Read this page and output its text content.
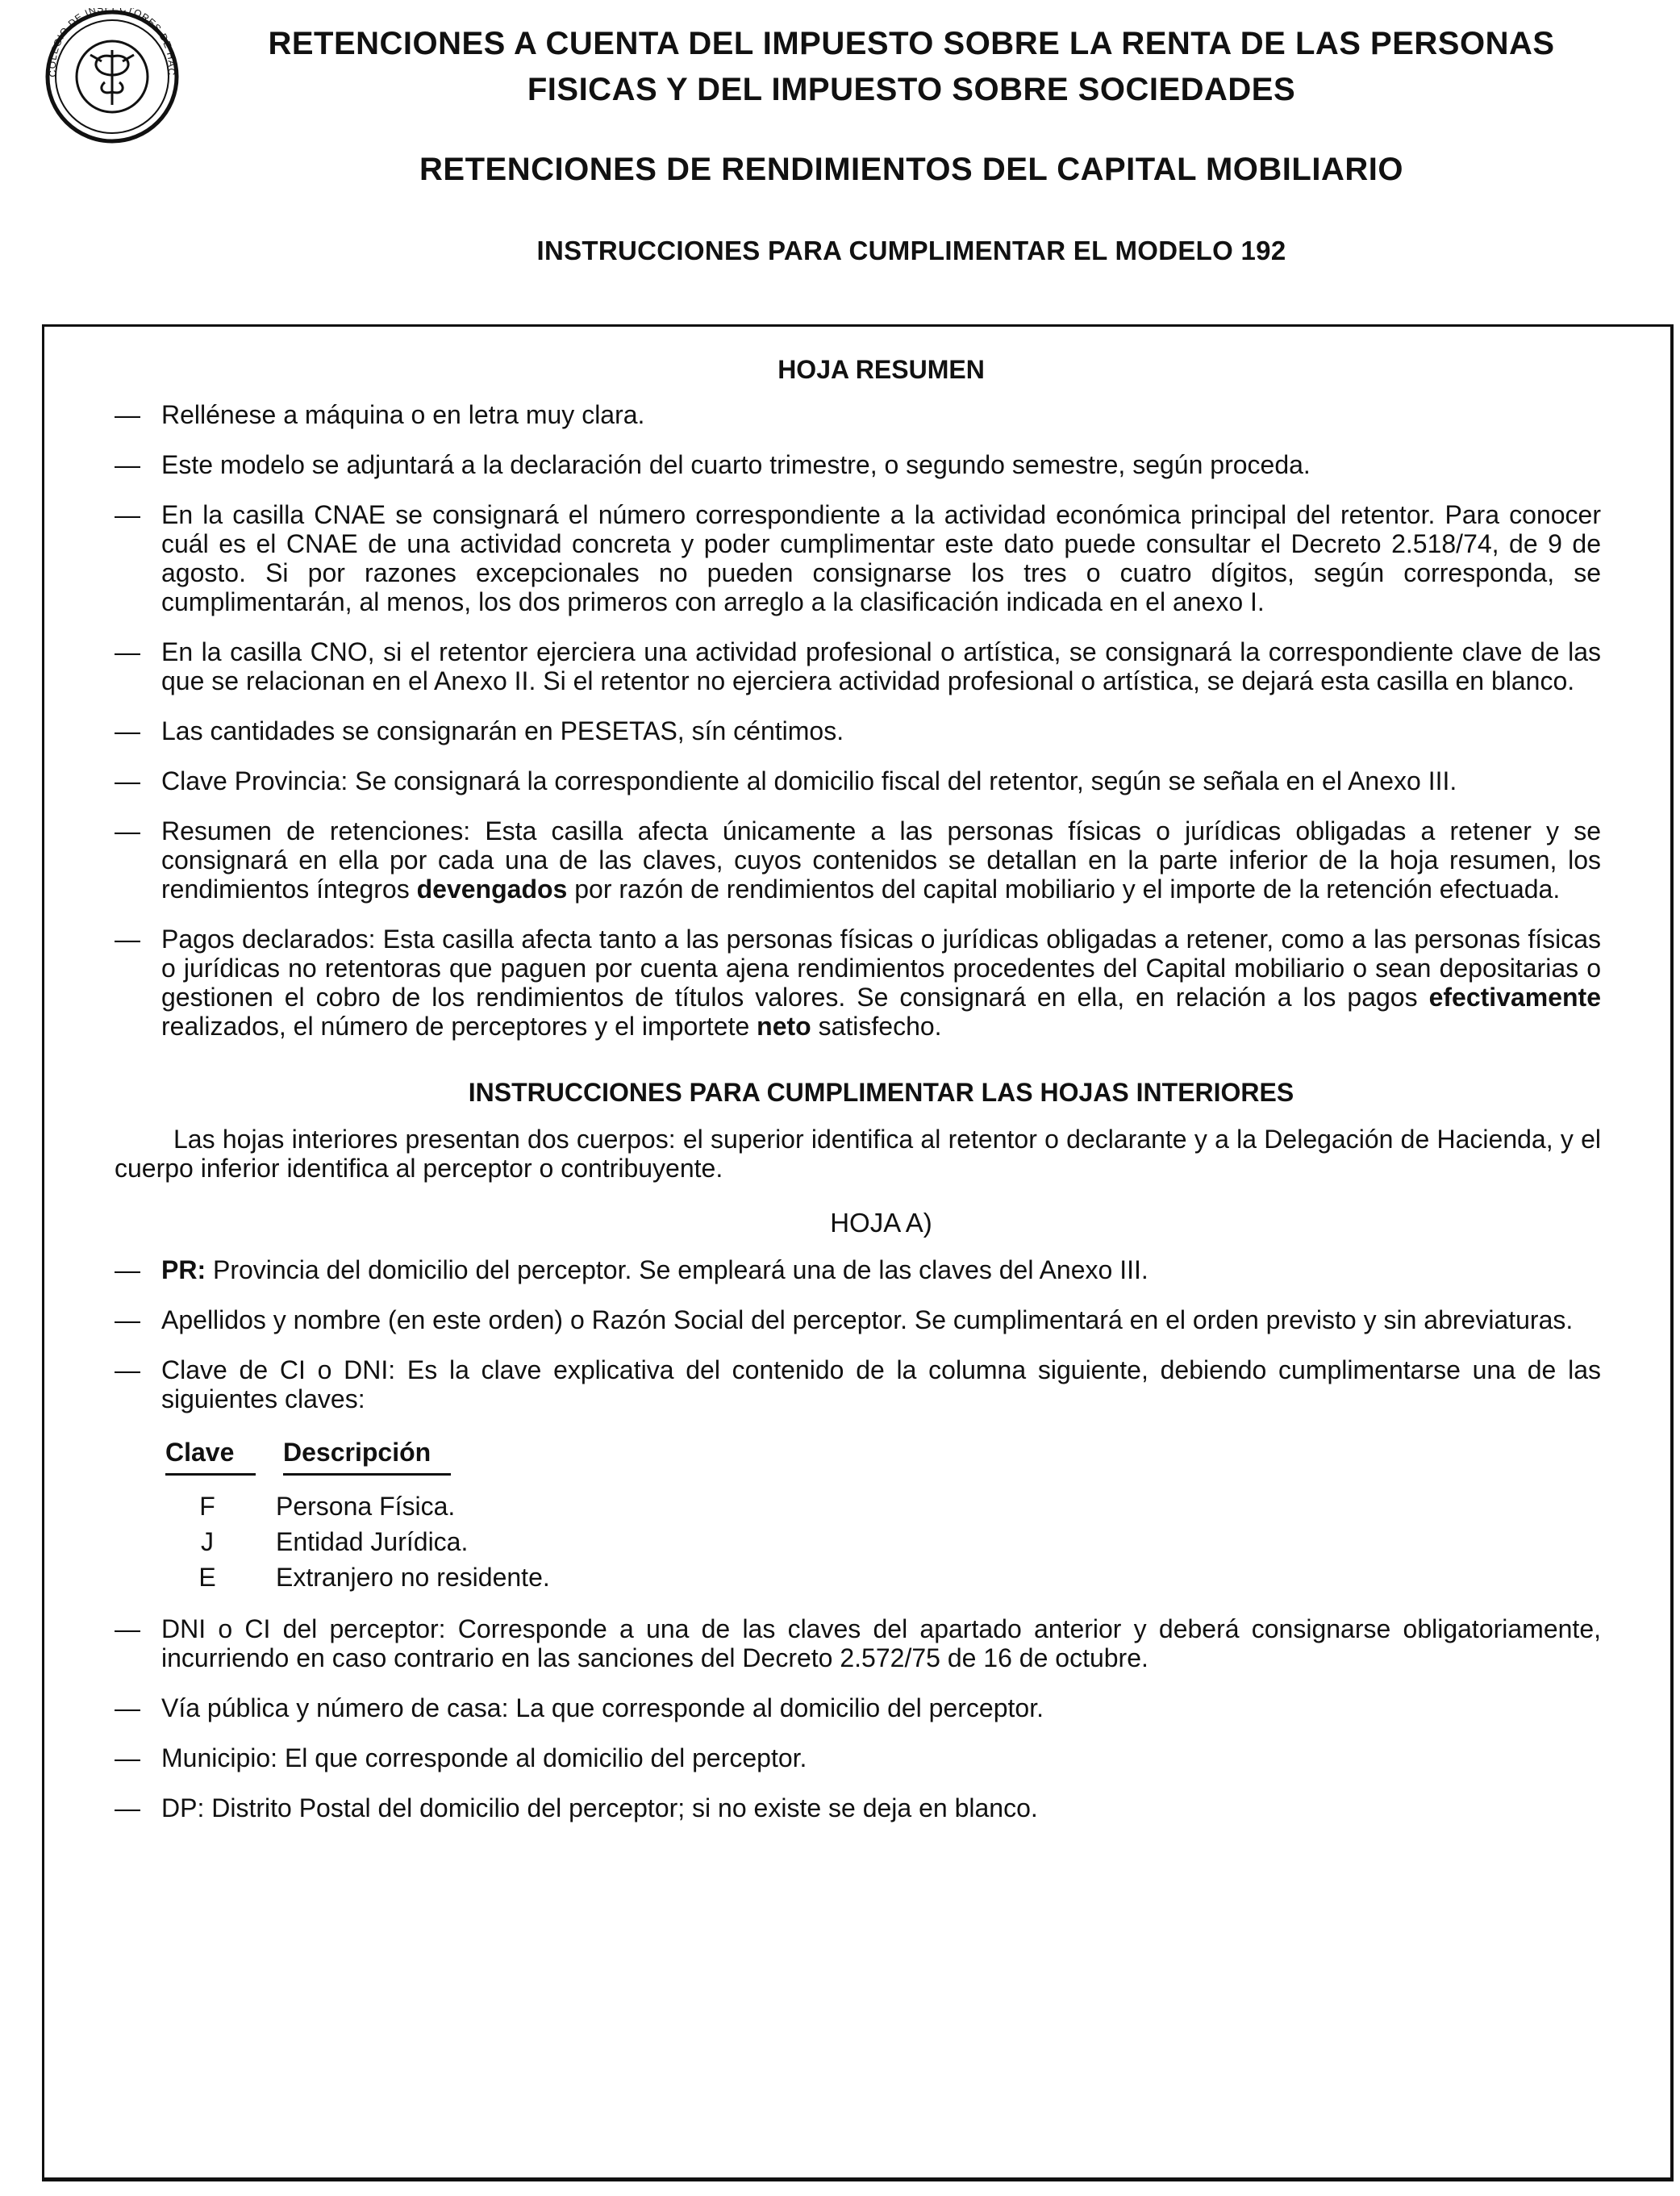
COLEGIO DE INS CTORES DE HAC
RETENCIONES A CUENTA DEL IMPUESTO SOBRE LA RENTA DE LAS PERSONAS
FISICAS Y DEL IMPUESTO SOBRE SOCIEDADES
RETENCIONES DE RENDIMIENTOS DEL CAPITAL MOBILIARIO
INSTRUCCIONES PARA CUMPLIMENTAR EL MODELO 192
HOJA RESUMEN
— Rellénese a máquina o en letra muy clara.
— Este modelo se adjuntará a la declaración del cuarto trimestre, o segundo semestre, según proceda.
— En la casilla CNAE se consignará el número correspondiente a la actividad económica principal del retentor. Para conocer cuál es el CNAE de una actividad concreta y poder cumplimentar este dato puede consultar el Decreto 2.518/74, de 9 de agosto. Si por razones excepcionales no pueden consignarse los tres o cuatro dígitos, según corresponda, se cumplimentarán, al menos, los dos primeros con arreglo a la clasificación indicada en el anexo I.
— En la casilla CNO, si el retentor ejerciera una actividad profesional o artística, se consignará la correspondiente clave de las que se relacionan en el Anexo II. Si el retentor no ejerciera actividad profesional o artística, se dejará esta casilla en blanco.
— Las cantidades se consignarán en PESETAS, sín céntimos.
— Clave Provincia: Se consignará la correspondiente al domicilio fiscal del retentor, según se señala en el Anexo III.
— Resumen de retenciones: Esta casilla afecta únicamente a las personas físicas o jurídicas obligadas a retener y se consignará en ella por cada una de las claves, cuyos contenidos se detallan en la parte inferior de la hoja resumen, los rendimientos íntegros devengados por razón de rendimientos del capital mobiliario y el importe de la retención efectuada.
— Pagos declarados: Esta casilla afecta tanto a las personas físicas o jurídicas obligadas a retener, como a las personas físicas o jurídicas no retentoras que paguen por cuenta ajena rendimientos procedentes del Capital mobiliario o sean depositarias o gestionen el cobro de los rendimientos de títulos valores. Se consignará en ella, en relación a los pagos efectivamente realizados, el número de perceptores y el importete neto satisfecho.
INSTRUCCIONES PARA CUMPLIMENTAR LAS HOJAS INTERIORES
Las hojas interiores presentan dos cuerpos: el superior identifica al retentor o declarante y a la Delegación de Hacienda, y el cuerpo inferior identifica al perceptor o contribuyente.
HOJA A)
— PR: Provincia del domicilio del perceptor. Se empleará una de las claves del Anexo III.
— Apellidos y nombre (en este orden) o Razón Social del perceptor. Se cumplimentará en el orden previsto y sin abreviaturas.
— Clave de CI o DNI: Es la clave explicativa del contenido de la columna siguiente, debiendo cumplimentarse una de las siguientes claves:
Clave	Descripción
F	Persona Física.
J	Entidad Jurídica.
E Extranjero no residente.
— DNI o CI del perceptor: Corresponde a una de las claves del apartado anterior y deberá consignarse obligatoriamente, incurriendo en caso contrario en las sanciones del Decreto 2.572/75 de 16 de octubre.
— Vía pública y número de casa: La que corresponde al domicilio del perceptor.
— Municipio: El que corresponde al domicilio del perceptor.
— DP: Distrito Postal del domicilio del perceptor; si no existe se deja en blanco.
